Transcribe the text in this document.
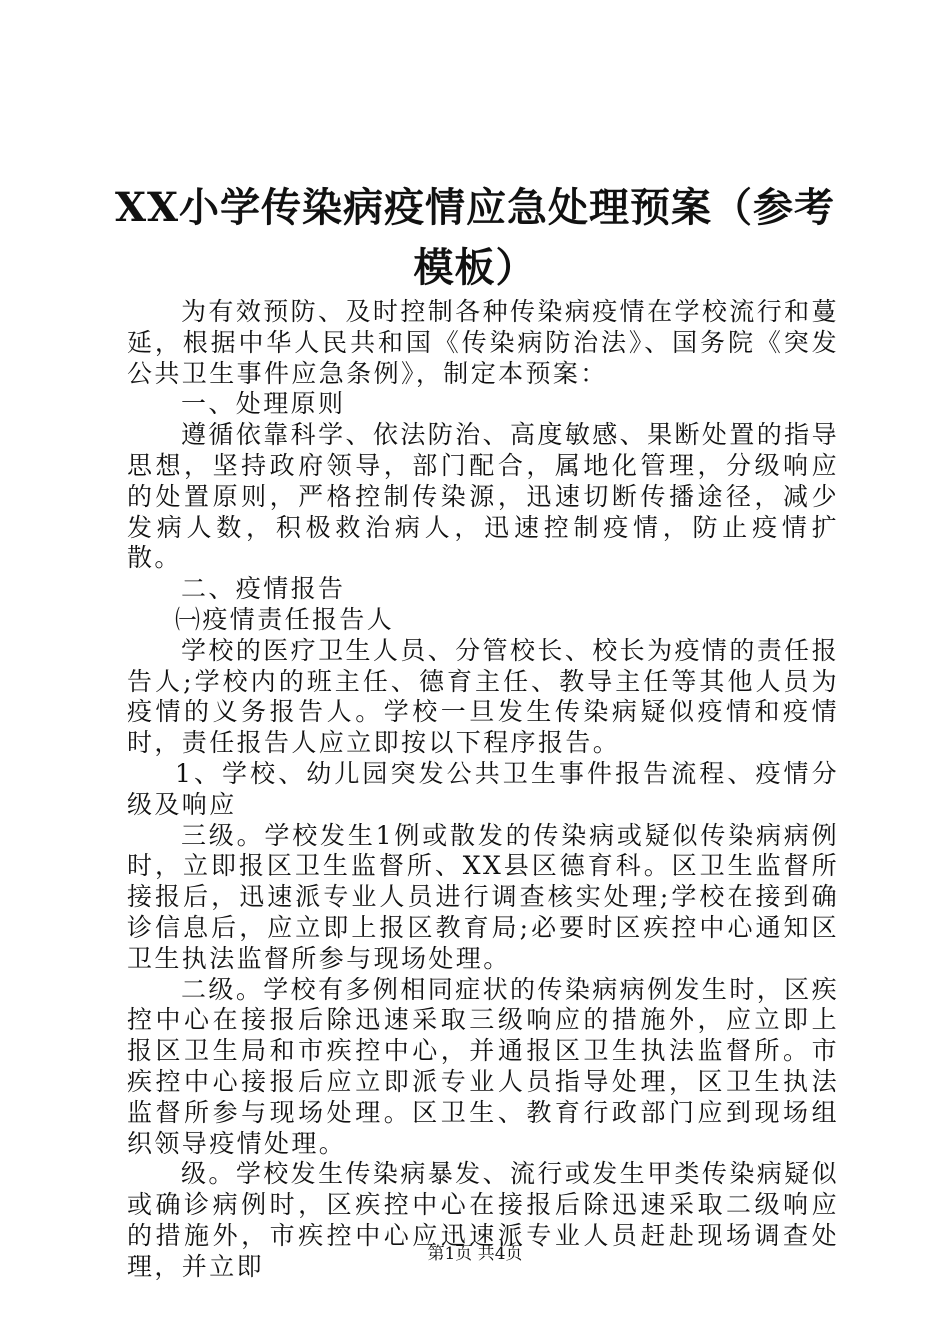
XX小学传染病疫情应急处理预案（参考模板）

为有效预防、及时控制各种传染病疫情在学校流行和蔓延，根据中华人民共和国《传染病防治法》、国务院《突发公共卫生事件应急条例》，制定本预案：

一、处理原则

遵循依靠科学、依法防治、高度敏感、果断处置的指导思想，坚持政府领导，部门配合，属地化管理，分级响应的处置原则，严格控制传染源，迅速切断传播途径，减少发病人数，积极救治病人，迅速控制疫情，防止疫情扩散。

二、疫情报告

㈠疫情责任报告人

学校的医疗卫生人员、分管校长、校长为疫情的责任报告人;学校内的班主任、德育主任、教导主任等其他人员为疫情的义务报告人。学校一旦发生传染病疑似疫情和疫情时，责任报告人应立即按以下程序报告。

1、学校、幼儿园突发公共卫生事件报告流程、疫情分级及响应

三级。学校发生1例或散发的传染病或疑似传染病病例时，立即报区卫生监督所、XX县区德育科。区卫生监督所接报后，迅速派专业人员进行调查核实处理;学校在接到确诊信息后，应立即上报区教育局;必要时区疾控中心通知区卫生执法监督所参与现场处理。

二级。学校有多例相同症状的传染病病例发生时，区疾控中心在接报后除迅速采取三级响应的措施外，应立即上报区卫生局和市疾控中心，并通报区卫生执法监督所。市疾控中心接报后应立即派专业人员指导处理，区卫生执法监督所参与现场处理。区卫生、教育行政部门应到现场组织领导疫情处理。

级。学校发生传染病暴发、流行或发生甲类传染病疑似或确诊病例时，区疾控中心在接报后除迅速采取二级响应的措施外，市疾控中心应迅速派专业人员赶赴现场调查处理，并立即	第1页 共4页
